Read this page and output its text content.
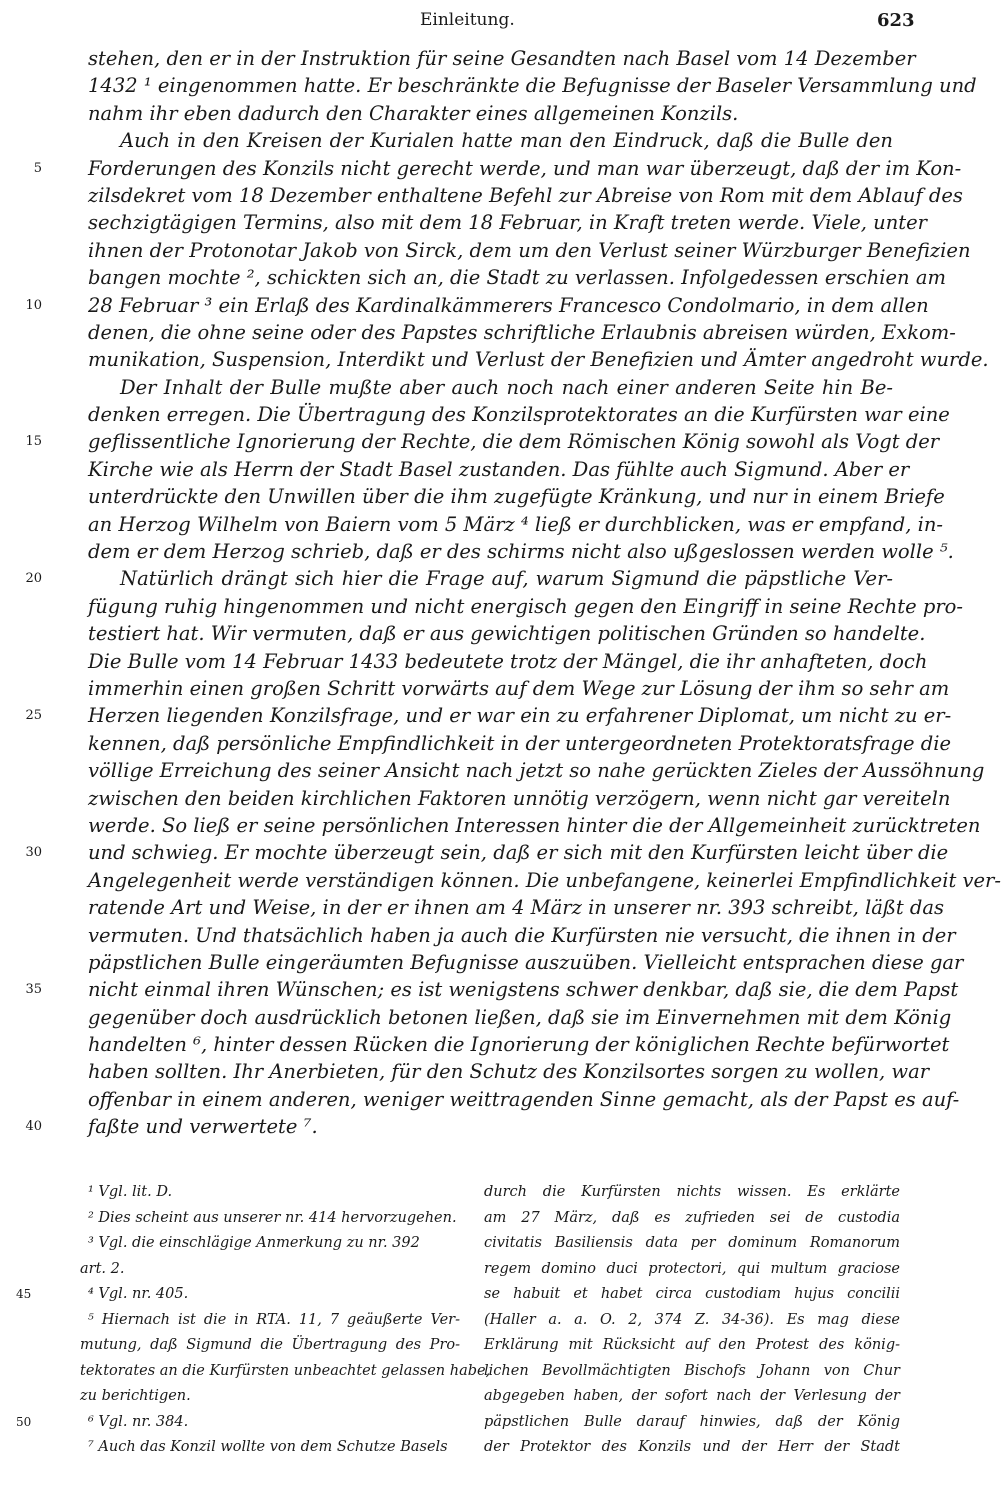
Einleitung.	623
stehen, den er in der Instruktion für seine Gesandten nach Basel vom 14 Dezember
1432 ¹ eingenommen hatte. Er beschränkte die Befugnisse der Baseler Versammlung und
nahm ihr eben dadurch den Charakter eines allgemeinen Konzils.
Auch in den Kreisen der Kurialen hatte man den Eindruck, daß die Bulle den
5 Forderungen des Konzils nicht gerecht werde, und man war überzeugt, daß der im Kon-
zilsdekret vom 18 Dezember enthaltene Befehl zur Abreise von Rom mit dem Ablauf des
sechzigtägigen Termins, also mit dem 18 Februar, in Kraft treten werde. Viele, unter
ihnen der Protonotar Jakob von Sirck, dem um den Verlust seiner Würzburger Benefizien
bangen mochte ², schickten sich an, die Stadt zu verlassen. Infolgedessen erschien am
10 28 Februar ³ ein Erlaß des Kardinalkämmerers Francesco Condolmario, in dem allen
denen, die ohne seine oder des Papstes schriftliche Erlaubnis abreisen würden, Exkom-
munikation, Suspension, Interdikt und Verlust der Benefizien und Ämter angedroht wurde.
Der Inhalt der Bulle mußte aber auch noch nach einer anderen Seite hin Be-
denken erregen. Die Übertragung des Konzilsprotektorates an die Kurfürsten war eine
15 geflissentliche Ignorierung der Rechte, die dem Römischen König sowohl als Vogt der
Kirche wie als Herrn der Stadt Basel zustanden. Das fühlte auch Sigmund. Aber er
unterdrückte den Unwillen über die ihm zugefügte Kränkung, und nur in einem Briefe
an Herzog Wilhelm von Baiern vom 5 März ⁴ ließ er durchblicken, was er empfand, in-
dem er dem Herzog schrieb, daß er des schirms nicht also ußgeslossen werden wolle ⁵.
20	Natürlich drängt sich hier die Frage auf, warum Sigmund die päpstliche Ver-
fügung ruhig hingenommen und nicht energisch gegen den Eingriff in seine Rechte pro-
testiert hat. Wir vermuten, daß er aus gewichtigen politischen Gründen so handelte.
Die Bulle vom 14 Februar 1433 bedeutete trotz der Mängel, die ihr anhafteten, doch
immerhin einen großen Schritt vorwärts auf dem Wege zur Lösung der ihm so sehr am
25 Herzen liegenden Konzilsfrage, und er war ein zu erfahrener Diplomat, um nicht zu er-
kennen, daß persönliche Empfindlichkeit in der untergeordneten Protektoratsfrage die
völlige Erreichung des seiner Ansicht nach jetzt so nahe gerückten Zieles der Aussöhnung
zwischen den beiden kirchlichen Faktoren unnötig verzögern, wenn nicht gar vereiteln
werde. So ließ er seine persönlichen Interessen hinter die der Allgemeinheit zurücktreten
30 und schwieg. Er mochte überzeugt sein, daß er sich mit den Kurfürsten leicht über die
Angelegenheit werde verständigen können. Die unbefangene, keinerlei Empfindlichkeit ver-
ratende Art und Weise, in der er ihnen am 4 März in unserer nr. 393 schreibt, läßt das
vermuten. Und thatsächlich haben ja auch die Kurfürsten nie versucht, die ihnen in der
päpstlichen Bulle eingeräumten Befugnisse auszuüben. Vielleicht entsprachen diese gar
35 nicht einmal ihren Wünschen; es ist wenigstens schwer denkbar, daß sie, die dem Papst
gegenüber doch ausdrücklich betonen ließen, daß sie im Einvernehmen mit dem König
handelten ⁶, hinter dessen Rücken die Ignorierung der königlichen Rechte befürwortet
haben sollten. Ihr Anerbieten, für den Schutz des Konzilsortes sorgen zu wollen, war
offenbar in einem anderen, weniger weittragenden Sinne gemacht, als der Papst es auf-
40 faßte und verwertete ⁷.
¹ Vgl. lit. D.
² Dies scheint aus unserer nr. 414 hervorzugehen.
³ Vgl. die einschlägige Anmerkung zu nr. 392
art. 2.
45	⁴ Vgl. nr. 405.
⁵ Hiernach ist die in RTA. 11, 7 geäußerte Ver-
mutung, daß Sigmund die Übertragung des Pro-
tektorates an die Kurfürsten unbeachtet gelassen habe,
zu berichtigen.
50	⁶ Vgl. nr. 384.
⁷ Auch das Konzil wollte von dem Schutze Basels
durch die Kurfürsten nichts wissen. Es erklärte
am 27 März, daß es zufrieden sei de custodia
civitatis Basiliensis data per dominum Romanorum
regem domino duci protectori, qui multum graciose
se habuit et habet circa custodiam hujus concilii
(Haller a. a. O. 2, 374 Z. 34-36). Es mag diese
Erklärung mit Rücksicht auf den Protest des könig-
lichen Bevollmächtigten Bischofs Johann von Chur
abgegeben haben, der sofort nach der Verlesung der
päpstlichen Bulle darauf hinwies, daß der König
der Protektor des Konzils und der Herr der Stadt
